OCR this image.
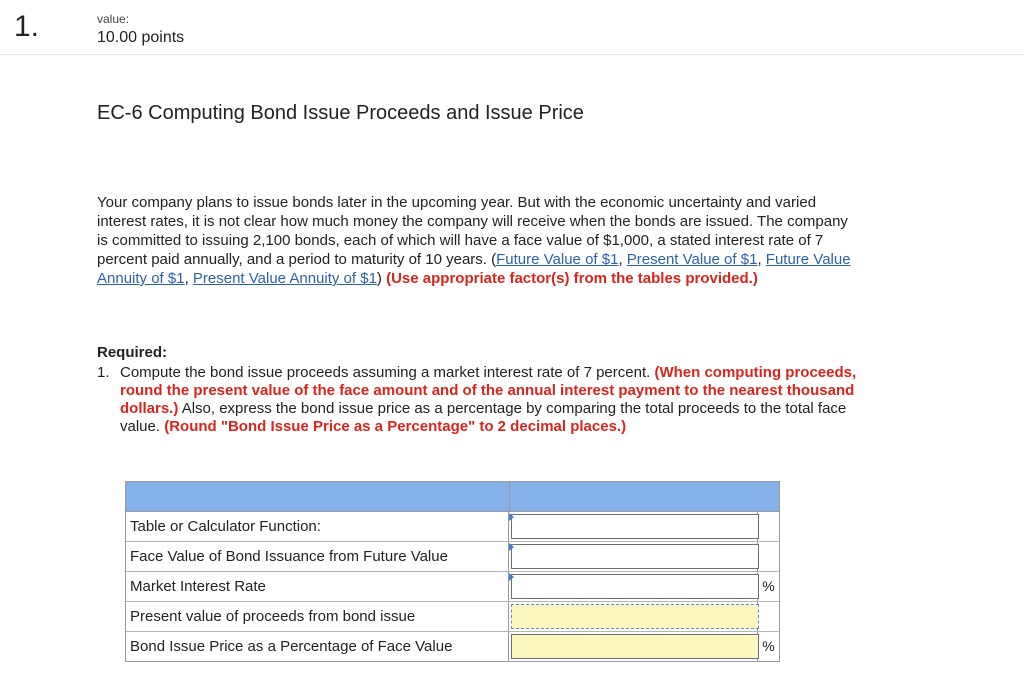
1.	value:
10.00 points
EC-6 Computing Bond Issue Proceeds and Issue Price
Your company plans to issue bonds later in the upcoming year. But with the economic uncertainty and varied interest rates, it is not clear how much money the company will receive when the bonds are issued. The company is committed to issuing 2,100 bonds, each of which will have a face value of $1,000, a stated interest rate of 7 percent paid annually, and a period to maturity of 10 years. (Future Value of $1, Present Value of $1, Future Value Annuity of $1, Present Value Annuity of $1) (Use appropriate factor(s) from the tables provided.)
Required:
1. Compute the bond issue proceeds assuming a market interest rate of 7 percent. (When computing proceeds, round the present value of the face amount and of the annual interest payment to the nearest thousand dollars.) Also, express the bond issue price as a percentage by comparing the total proceeds to the total face value. (Round "Bond Issue Price as a Percentage" to 2 decimal places.)
Table or Calculator Function:
Face Value of Bond Issuance from Future Value
Market Interest Rate	%
Present value of proceeds from bond issue
Bond Issue Price as a Percentage of Face Value	%
